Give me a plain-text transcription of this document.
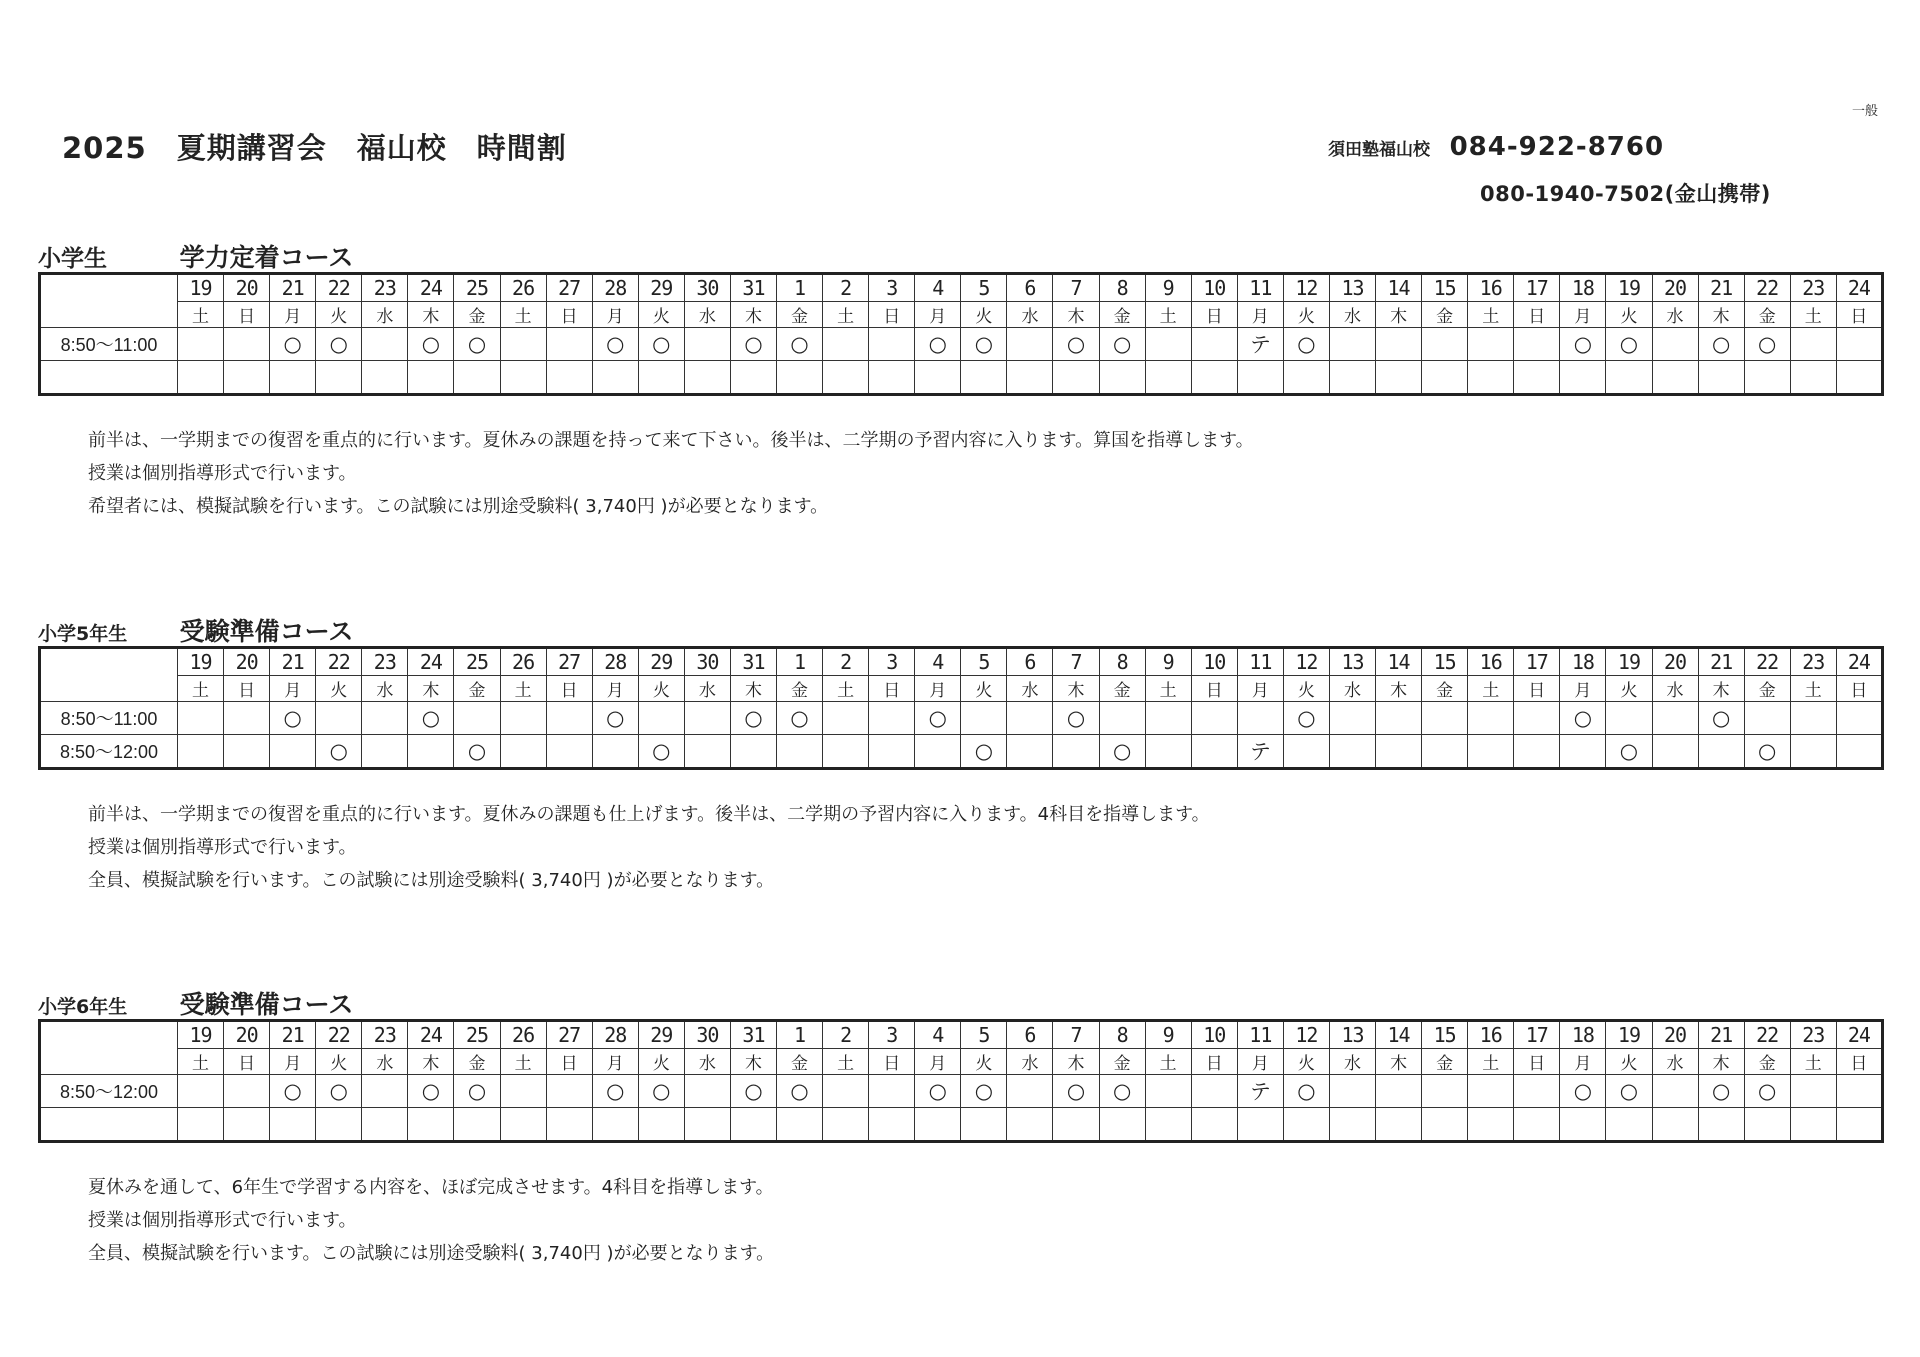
一般
2025　夏期講習会　福山校　時間割	須田塾福山校 084-922-8760
080-1940-7502(金山携帯)
小学生	学力定着コース
	19	20	21	22	23	24	25	26	27	28	29	30	31	1	2	3	4	5	6	7	8	9	10	11	12	13	14	15	16	17	18	19	20	21	22	23	24
	土	日	月	火	水	木	金	土	日	月	火	水	木	金	土	日	月	火	水	木	金	土	日	月	火	水	木	金	土	日	月	火	水	木	金	土	日
8:50～11:00			○	○		○	○			○	○		○	○			○	○		○	○			テ	○						○	○		○	○		

前半は、一学期までの復習を重点的に行います。夏休みの課題を持って来て下さい。後半は、二学期の予習内容に入ります。算国を指導します。

授業は個別指導形式で行います。

希望者には、模擬試験を行います。この試験には別途受験料( 3,740円 )が必要となります。

小学5年生 受験準備コース
	19	20	21	22	23	24	25	26	27	28	29	30	31	1	2	3	4	5	6	7	8	9	10	11	12	13	14	15	16	17	18	19	20	21	22	23	24
	土	日	月	火	水	木	金	土	日	月	火	水	木	金	土	日	月	火	水	木	金	土	日	月	火	水	木	金	土	日	月	火	水	木	金	土	日
8:50～11:00			○			○				○			○	○			○			○					○						○			○			
8:50～12:00				○			○				○							○			○			テ								○			○		

前半は、一学期までの復習を重点的に行います。夏休みの課題も仕上げます。後半は、二学期の予習内容に入ります。4科目を指導します。

授業は個別指導形式で行います。

全員、模擬試験を行います。この試験には別途受験料( 3,740円 )が必要となります。

小学6年生 受験準備コース
	19	20	21	22	23	24	25	26	27	28	29	30	31	1	2	3	4	5	6	7	8	9	10	11	12	13	14	15	16	17	18	19	20	21	22	23	24
	土	日	月	火	水	木	金	土	日	月	火	水	木	金	土	日	月	火	水	木	金	土	日	月	火	水	木	金	土	日	月	火	水	木	金	土	日
8:50～12:00			○	○		○	○			○	○		○	○			○	○		○	○			テ	○						○	○		○	○		

夏休みを通して、6年生で学習する内容を、ほぼ完成させます。4科目を指導します。

授業は個別指導形式で行います。

全員、模擬試験を行います。この試験には別途受験料( 3,740円 )が必要となります。
